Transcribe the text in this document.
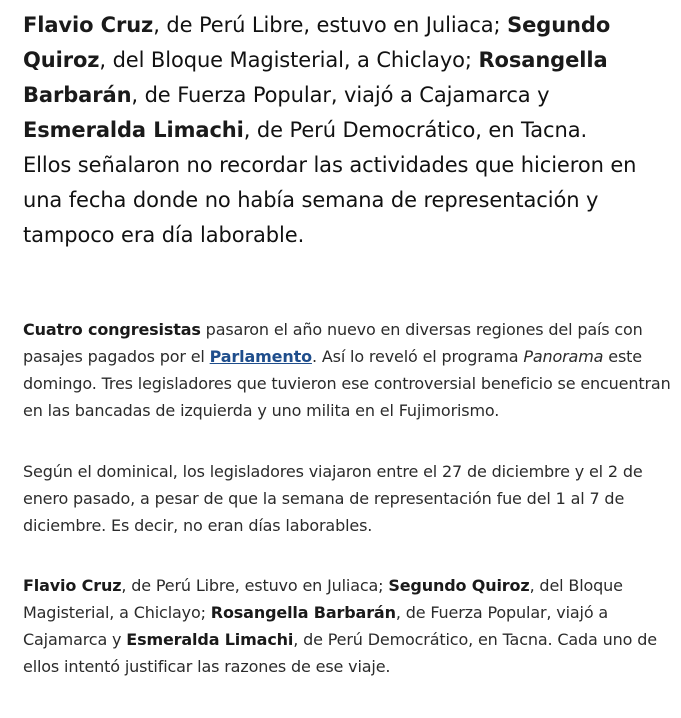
Flavio Cruz, de Perú Libre, estuvo en Juliaca; Segundo Quiroz, del Bloque Magisterial, a Chiclayo; Rosangella Barbarán, de Fuerza Popular, viajó a Cajamarca y Esmeralda Limachi, de Perú Democrático, en Tacna.
Ellos señalaron no recordar las actividades que hicieron en una fecha donde no había semana de representación y tampoco era día laborable.

Cuatro congresistas pasaron el año nuevo en diversas regiones del país con pasajes pagados por el Parlamento. Así lo reveló el programa Panorama este domingo. Tres legisladores que tuvieron ese controversial beneficio se encuentran en las bancadas de izquierda y uno milita en el Fujimorismo.

Según el dominical, los legisladores viajaron entre el 27 de diciembre y el 2 de enero pasado, a pesar de que la semana de representación fue del 1 al 7 de diciembre. Es decir, no eran días laborables.

Flavio Cruz, de Perú Libre, estuvo en Juliaca; Segundo Quiroz, del Bloque Magisterial, a Chiclayo; Rosangella Barbarán, de Fuerza Popular, viajó a Cajamarca y Esmeralda Limachi, de Perú Democrático, en Tacna. Cada uno de ellos intentó justificar las razones de ese viaje.
